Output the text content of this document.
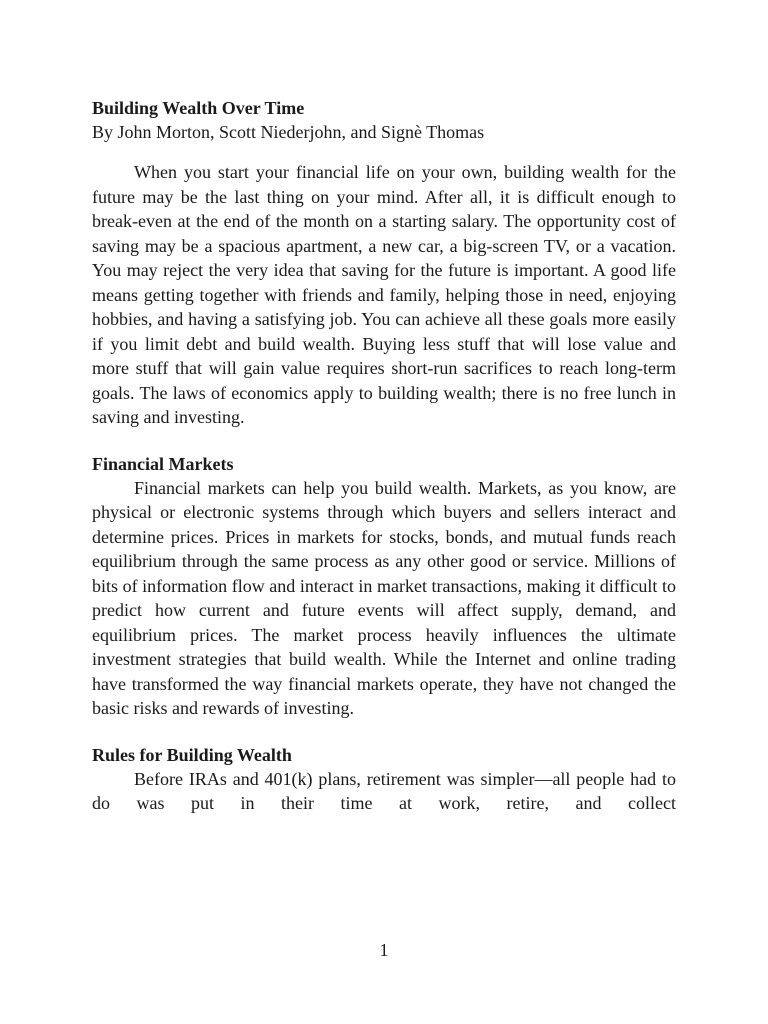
Building Wealth Over Time
By John Morton, Scott Niederjohn, and Signè Thomas

When you start your financial life on your own, building wealth for the future may be the last thing on your mind. After all, it is difficult enough to break-even at the end of the month on a starting salary. The opportunity cost of saving may be a spacious apartment, a new car, a big-screen TV, or a vacation. You may reject the very idea that saving for the future is important. A good life means getting together with friends and family, helping those in need, enjoying hobbies, and having a satisfying job. You can achieve all these goals more easily if you limit debt and build wealth. Buying less stuff that will lose value and more stuff that will gain value requires short-run sacrifices to reach long-term goals. The laws of economics apply to building wealth; there is no free lunch in saving and investing.

Financial Markets

Financial markets can help you build wealth. Markets, as you know, are physical or electronic systems through which buyers and sellers interact and determine prices. Prices in markets for stocks, bonds, and mutual funds reach equilibrium through the same process as any other good or service. Millions of bits of information flow and interact in market transactions, making it difficult to predict how current and future events will affect supply, demand, and equilibrium prices. The market process heavily influences the ultimate investment strategies that build wealth. While the Internet and online trading have transformed the way financial markets operate, they have not changed the basic risks and rewards of investing.

Rules for Building Wealth

Before IRAs and 401(k) plans, retirement was simpler—all people had to do was put in their time at work, retire, and collect

1
